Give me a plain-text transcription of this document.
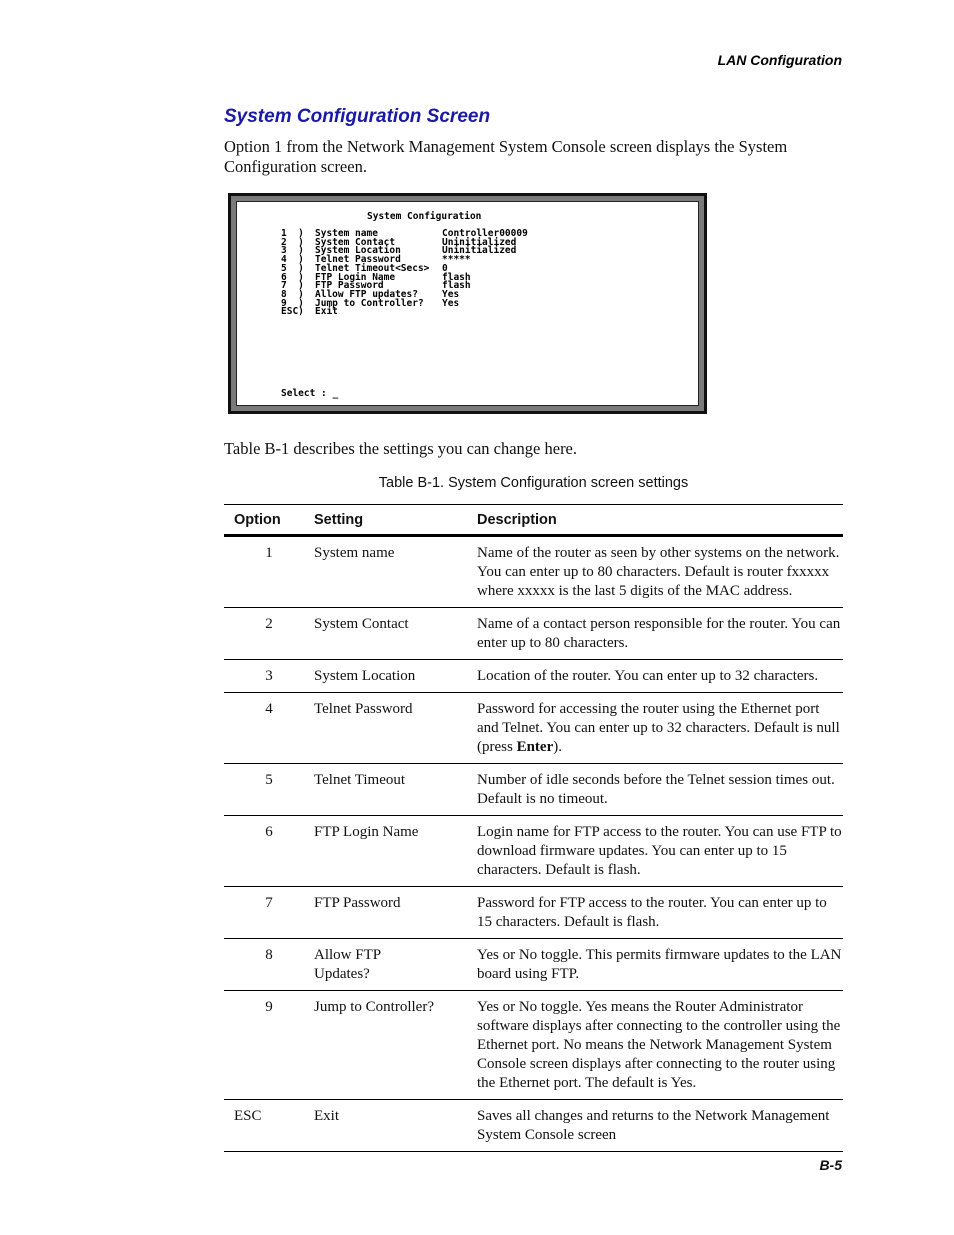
LAN Configuration
System Configuration Screen
Option 1 from the Network Management System Console screen displays the System Configuration screen.
System Configuration
1  ) System name	Controller00009
2  ) System Contact	Uninitialized
3  ) System Location	Uninitialized
4  ) Telnet Password	*****
5  ) Telnet Timeout<Secs> 0
6  ) FTP Login Name	flash
7  ) FTP Password	flash
8  ) Allow FTP updates?	Yes
9  ) Jump to Controller? Yes
ESC) Exit
Select : _
Table B-1 describes the settings you can change here.
Table B-1. System Configuration screen settings
Option	Setting	Description
1	System name	Name of the router as seen by other systems on the network. You can enter up to 80 characters. Default is router fxxxxx where xxxxx is the last 5 digits of the MAC address.
2	System Contact	Name of a contact person responsible for the router. You can enter up to 80 characters.
3	System Location	Location of the router. You can enter up to 32 characters.
4	Telnet Password	Password for accessing the router using the Ethernet port and Telnet. You can enter up to 32 characters. Default is null (press Enter).
5	Telnet Timeout	Number of idle seconds before the Telnet session times out. Default is no timeout.
6	FTP Login Name	Login name for FTP access to the router. You can use FTP to download firmware updates. You can enter up to 15 characters. Default is flash.
7	FTP Password	Password for FTP access to the router. You can enter up to 15 characters. Default is flash.
8	Allow FTP Updates?	Yes or No toggle. This permits firmware updates to the LAN board using FTP.
9	Jump to Controller?	Yes or No toggle. Yes means the Router Administrator software displays after connecting to the controller using the Ethernet port. No means the Network Management System Console screen displays after connecting to the router using the Ethernet port. The default is Yes.
ESC	Exit	Saves all changes and returns to the Network Management System Console screen
B-5
